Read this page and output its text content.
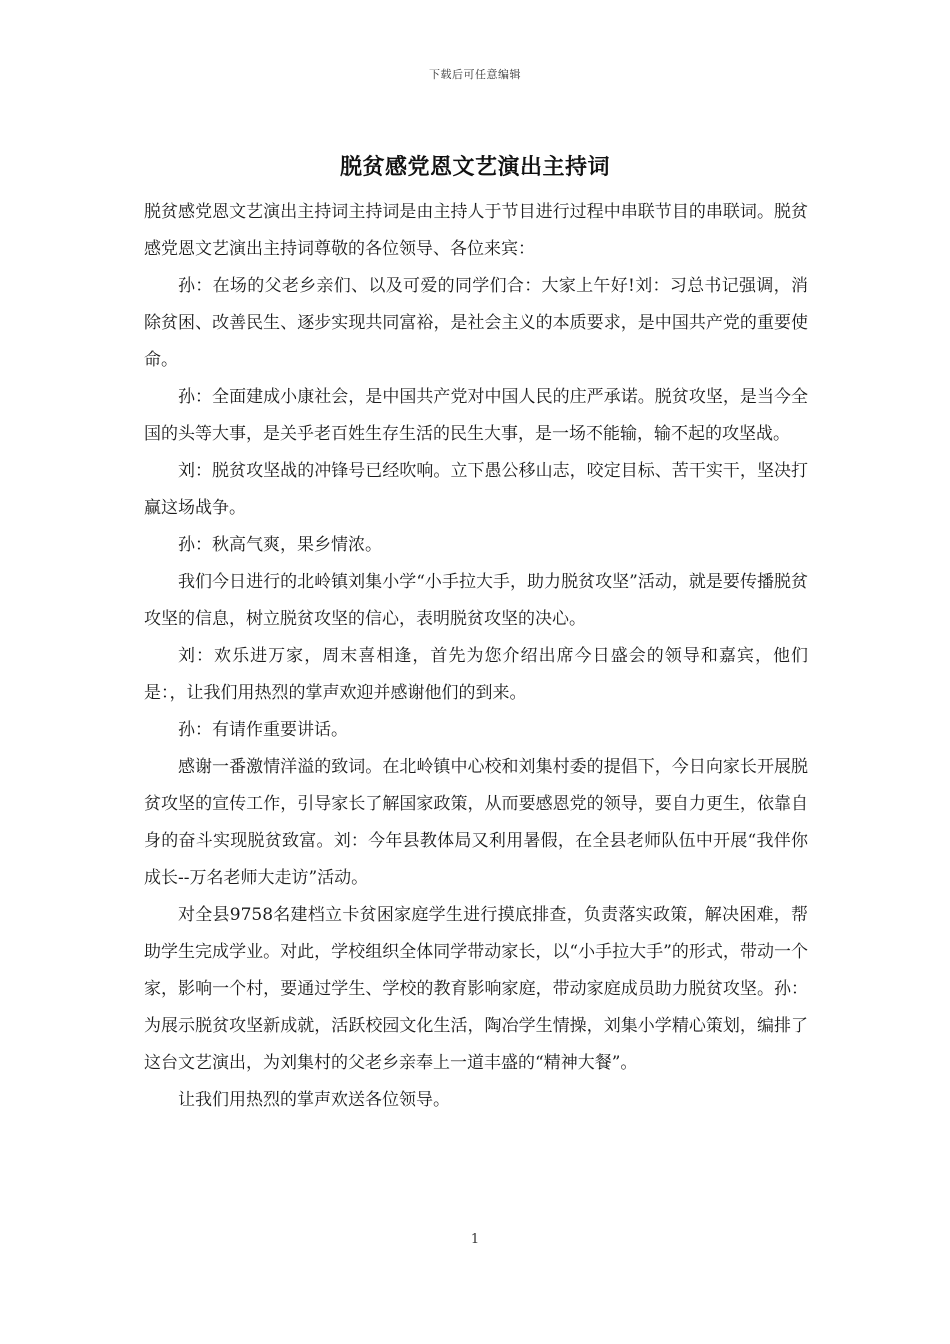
下载后可任意编辑
脱贫感党恩文艺演出主持词

脱贫感党恩文艺演出主持词主持词是由主持人于节目进行过程中串联节目的串联词。脱贫感党恩文艺演出主持词尊敬的各位领导、各位来宾：

孙：在场的父老乡亲们、以及可爱的同学们合：大家上午好!刘：习总书记强调，消除贫困、改善民生、逐步实现共同富裕，是社会主义的本质要求，是中国共产党的重要使命。

孙：全面建成小康社会，是中国共产党对中国人民的庄严承诺。脱贫攻坚，是当今全国的头等大事，是关乎老百姓生存生活的民生大事，是一场不能输，输不起的攻坚战。

刘：脱贫攻坚战的冲锋号已经吹响。立下愚公移山志，咬定目标、苦干实干，坚决打赢这场战争。

孙：秋高气爽，果乡情浓。

我们今日进行的北岭镇刘集小学“小手拉大手，助力脱贫攻坚”活动，就是要传播脱贫攻坚的信息，树立脱贫攻坚的信心，表明脱贫攻坚的决心。

刘：欢乐进万家，周末喜相逢，首先为您介绍出席今日盛会的领导和嘉宾，他们是：，让我们用热烈的掌声欢迎并感谢他们的到来。

孙：有请作重要讲话。

感谢一番激情洋溢的致词。在北岭镇中心校和刘集村委的提倡下，今日向家长开展脱贫攻坚的宣传工作，引导家长了解国家政策，从而要感恩党的领导，要自力更生，依靠自身的奋斗实现脱贫致富。刘：今年县教体局又利用暑假，在全县老师队伍中开展“我伴你成长--万名老师大走访”活动。

对全县9758名建档立卡贫困家庭学生进行摸底排查，负责落实政策，解决困难，帮助学生完成学业。对此，学校组织全体同学带动家长，以“小手拉大手”的形式，带动一个家，影响一个村，要通过学生、学校的教育影响家庭，带动家庭成员助力脱贫攻坚。孙：为展示脱贫攻坚新成就，活跃校园文化生活，陶冶学生情操，刘集小学精心策划，编排了这台文艺演出，为刘集村的父老乡亲奉上一道丰盛的“精神大餐”。

让我们用热烈的掌声欢送各位领导。

1
